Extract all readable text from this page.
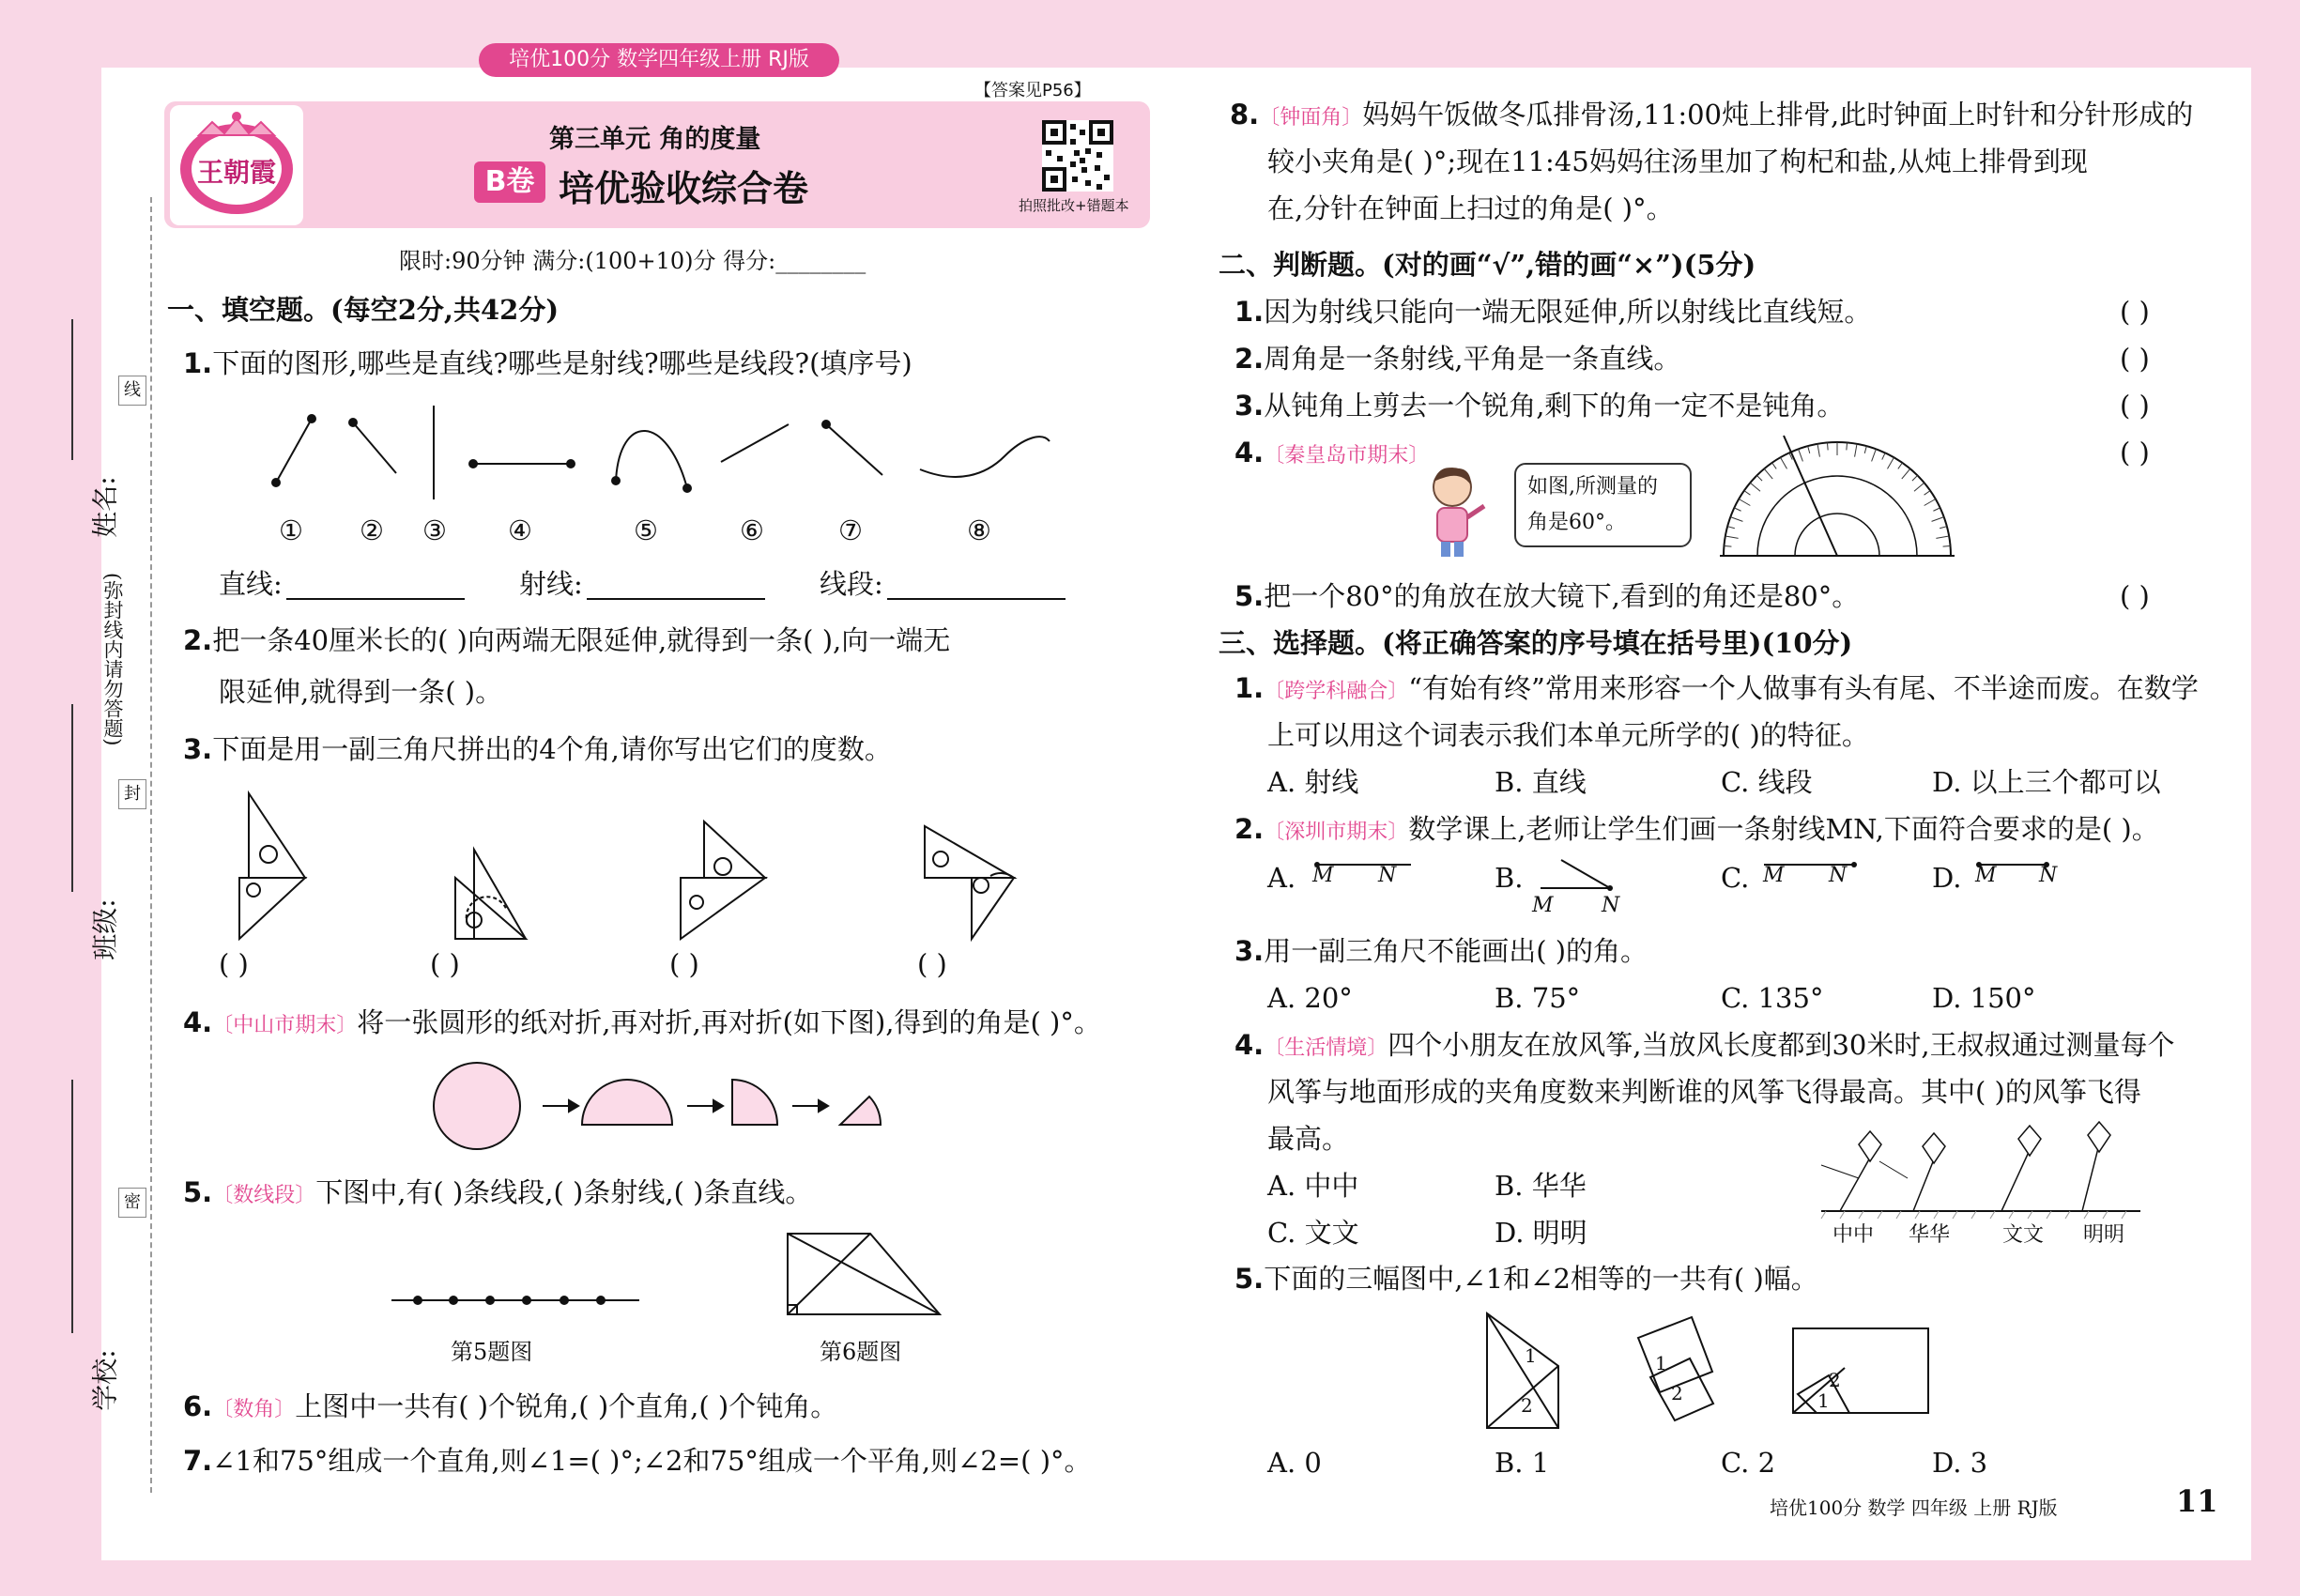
培优100分 数学四年级上册 RJ版
线
姓名:
(弥封线内请勿答题)
封
班级:
密
学校:
王朝霞
第三单元 角的度量
B卷 培优验收综合卷	拍照批改+错题本
【答案见P56】
限时:90分钟 满分:(100+10)分 得分:________
一、填空题。(每空2分,共42分)
1.下面的图形,哪些是直线?哪些是射线?哪些是线段?(填序号)
① ② ③ ④	⑤	⑥	⑦	⑧
直线:	射线:	线段:
2.把一条40厘米长的( )向两端无限延伸,就得到一条( ),向一端无
限延伸,就得到一条( )。
3.下面是用一副三角尺拼出的4个角,请你写出它们的度数。
( )	( )	( )	( )
4.〔中山市期末〕将一张圆形的纸对折,再对折,再对折(如下图),得到的角是( )°。
5.〔数线段〕下图中,有( )条线段,( )条射线,( )条直线。
第5题图	第6题图
6.〔数角〕上图中一共有( )个锐角,( )个直角,( )个钝角。
7.∠1和75°组成一个直角,则∠1=( )°;∠2和75°组成一个平角,则∠2=( )°。
8.〔钟面角〕妈妈午饭做冬瓜排骨汤,11:00炖上排骨,此时钟面上时针和分针形成的
较小夹角是( )°;现在11:45妈妈往汤里加了枸杞和盐,从炖上排骨到现
在,分针在钟面上扫过的角是( )°。
二、判断题。(对的画“√”,错的画“×”)(5分)
1.因为射线只能向一端无限延伸,所以射线比直线短。	( )
2.周角是一条射线,平角是一条直线。	( )
3.从钝角上剪去一个锐角,剩下的角一定不是钝角。	( )
4.〔秦皇岛市期末〕	( )
如图,所测量的
角是60°。
5.把一个80°的角放在放大镜下,看到的角还是80°。	( )
三、选择题。(将正确答案的序号填在括号里)(10分)
1.〔跨学科融合〕“有始有终”常用来形容一个人做事有头有尾、不半途而废。在数学
上可以用这个词表示我们本单元所学的( )的特征。
A. 射线	B. 直线	C. 线段	D. 以上三个都可以
2.〔深圳市期末〕数学课上,老师让学生们画一条射线MN,下面符合要求的是( )。
A. M N	B.
M N
C. M N	D. M N
3.用一副三角尺不能画出( )的角。
A. 20°	B. 75°	C. 135°	D. 150°
4.〔生活情境〕四个小朋友在放风筝,当放风长度都到30米时,王叔叔通过测量每个
风筝与地面形成的夹角度数来判断谁的风筝飞得最高。其中( )的风筝飞得
最高。
A. 中中	B. 华华
C. 文文	D. 明明	中中 华华	文文 明明
5.下面的三幅图中,∠1和∠2相等的一共有( )幅。
1
2
1
2	1
2
A. 0	B. 1	C. 2	D. 3
培优100分 数学 四年级 上册 RJ版	11
